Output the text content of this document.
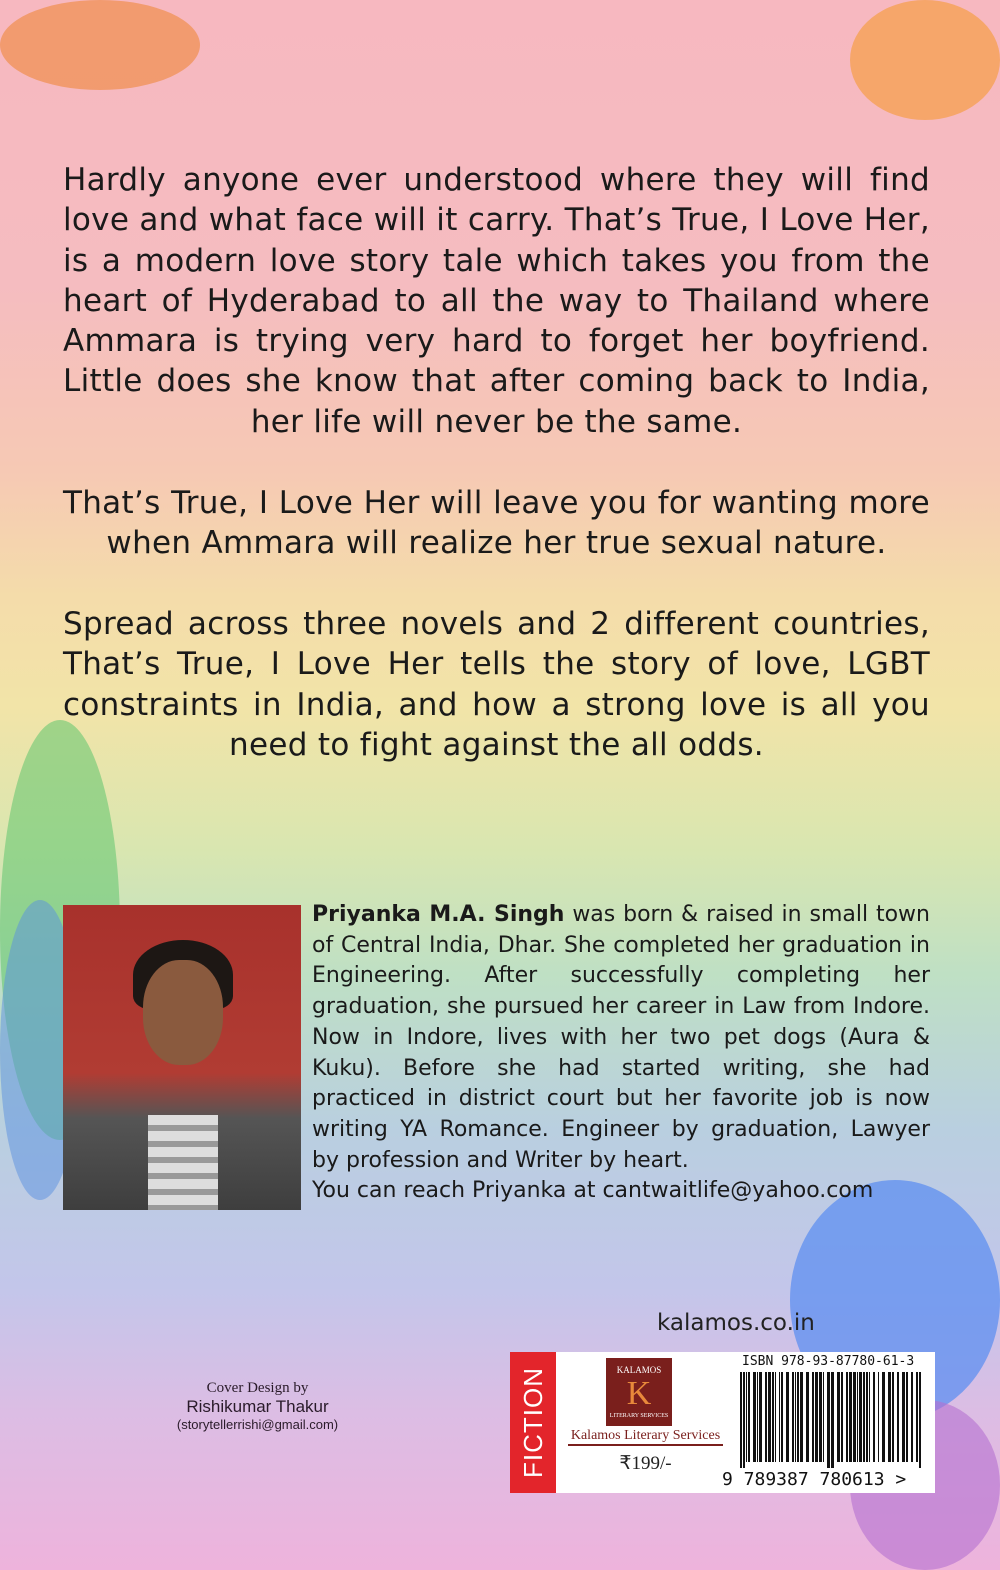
Hardly anyone ever understood where they will find love and what face will it carry. That’s True, I Love Her, is a modern love story tale which takes you from the heart of Hyderabad to all the way to Thailand where Ammara is trying very hard to forget her boyfriend. Little does she know that after coming back to India, her life will never be the same.
That’s True, I Love Her will leave you for wanting more when Ammara will realize her true sexual nature.
Spread across three novels and 2 different countries, That’s True, I Love Her tells the story of love, LGBT constraints in India, and how a strong love is all you need to fight against the all odds.
Priyanka M.A. Singh was born & raised in small town of Central India, Dhar. She completed her graduation in Engineering. After successfully completing her graduation, she pursued her career in Law from Indore. Now in Indore, lives with her two pet dogs (Aura & Kuku). Before she had started writing, she had practiced in district court but her favorite job is now writing YA Romance. Engineer by graduation, Lawyer by profession and Writer by heart.
You can reach Priyanka at cantwaitlife@yahoo.com
kalamos.co.in
Cover Design by
Rishikumar Thakur
(storytellerrishi@gmail.com)	FICTION	KALAMOS
K
LITERARY SERVICES
Kalamos Literary Services
₹199/-
ISBN 978-93-87780-61-3
9 789387 780613 >
